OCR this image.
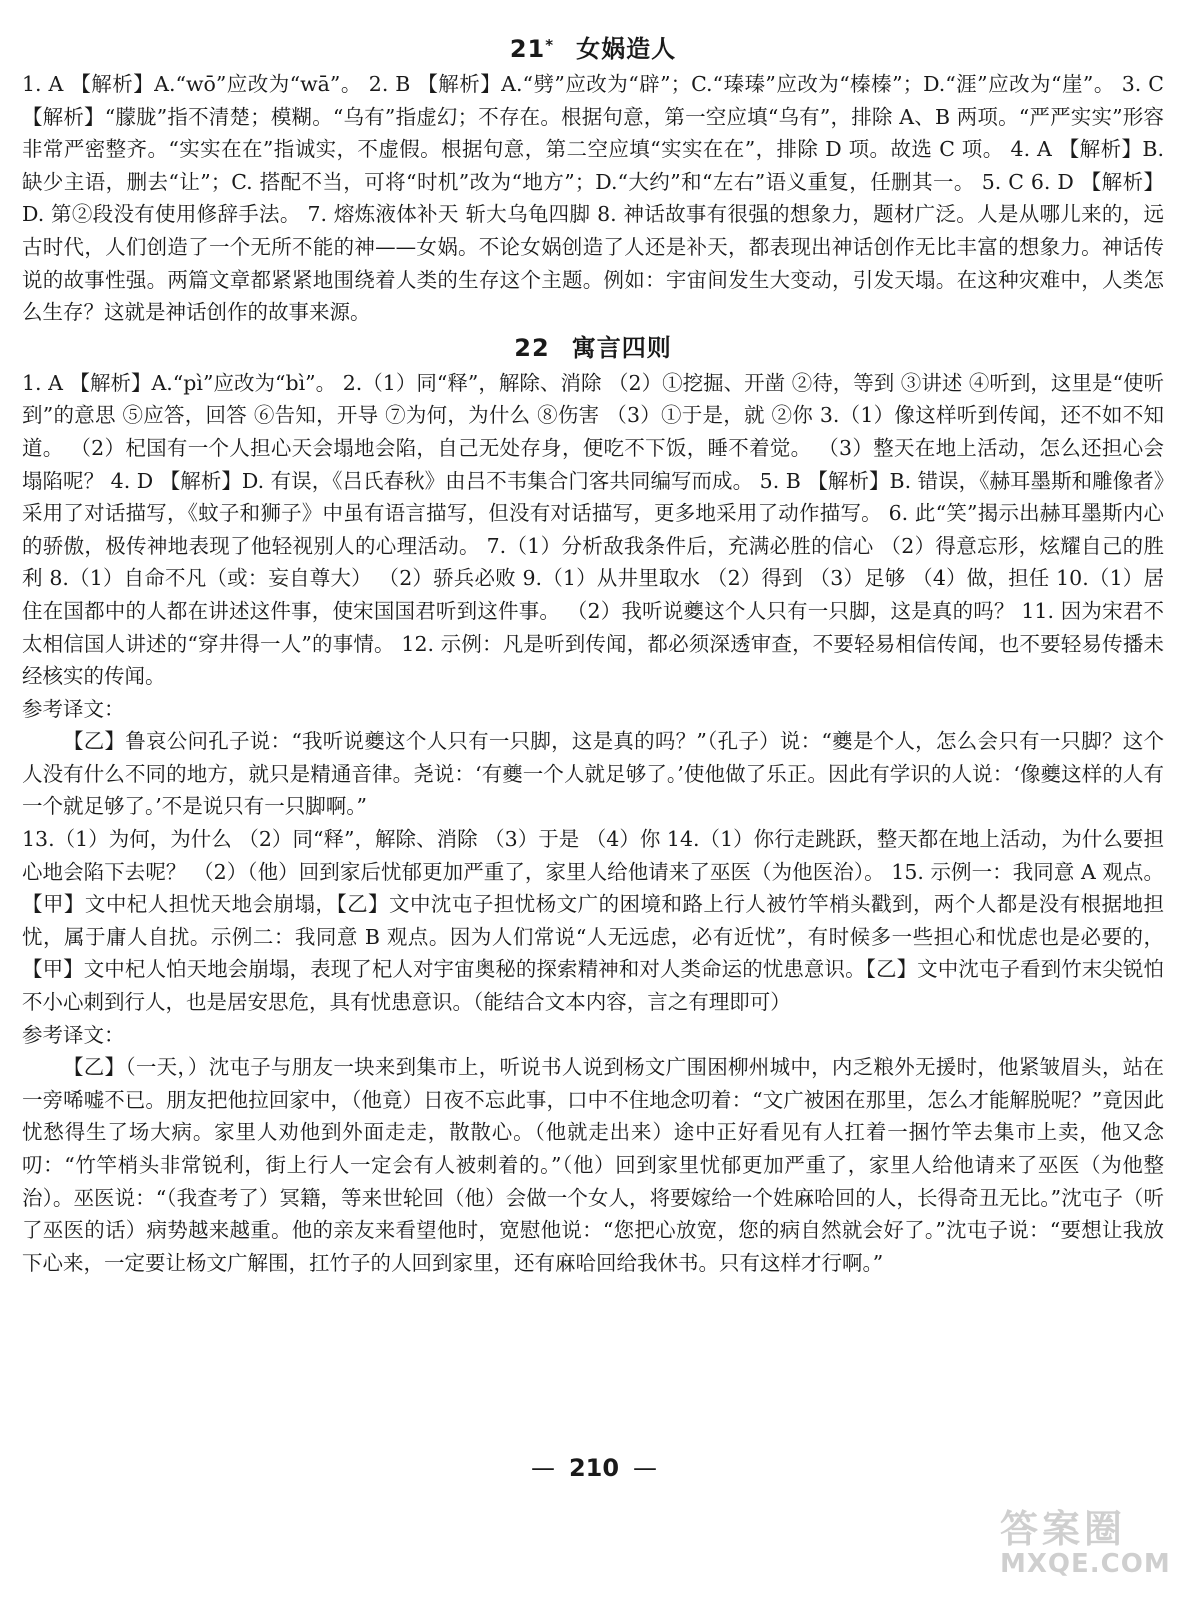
21* 女娲造人

1. A 【解析】A.“wō”应改为“wā”。 2. B 【解析】A.“劈”应改为“辟”；C.“瑧瑧”应改为“榛榛”；D.“涯”应改为“崖”。 3. C 【解析】“朦胧”指不清楚；模糊。“乌有”指虚幻；不存在。根据句意，第一空应填“乌有”，排除 A、B 两项。“严严实实”形容非常严密整齐。“实实在在”指诚实，不虚假。根据句意，第二空应填“实实在在”，排除 D 项。故选 C 项。 4. A 【解析】B. 缺少主语，删去“让”；C. 搭配不当，可将“时机”改为“地方”；D.“大约”和“左右”语义重复，任删其一。 5. C 6. D 【解析】D. 第②段没有使用修辞手法。 7. 熔炼液体补天 斩大乌龟四脚 8. 神话故事有很强的想象力，题材广泛。人是从哪儿来的，远古时代，人们创造了一个无所不能的神——女娲。不论女娲创造了人还是补天，都表现出神话创作无比丰富的想象力。神话传说的故事性强。两篇文章都紧紧地围绕着人类的生存这个主题。例如：宇宙间发生大变动，引发天塌。在这种灾难中，人类怎么生存？这就是神话创作的故事来源。

22 寓言四则

1. A 【解析】A.“pì”应改为“bì”。 2.（1）同“释”，解除、消除 （2）①挖掘、开凿 ②待，等到 ③讲述 ④听到，这里是“使听到”的意思 ⑤应答，回答 ⑥告知，开导 ⑦为何，为什么 ⑧伤害 （3）①于是，就 ②你 3.（1）像这样听到传闻，还不如不知道。 （2）杞国有一个人担心天会塌地会陷，自己无处存身，便吃不下饭，睡不着觉。 （3）整天在地上活动，怎么还担心会塌陷呢？ 4. D 【解析】D. 有误，《吕氏春秋》由吕不韦集合门客共同编写而成。 5. B 【解析】B. 错误，《赫耳墨斯和雕像者》采用了对话描写，《蚊子和狮子》中虽有语言描写，但没有对话描写，更多地采用了动作描写。 6. 此“笑”揭示出赫耳墨斯内心的骄傲，极传神地表现了他轻视别人的心理活动。 7.（1）分析敌我条件后，充满必胜的信心 （2）得意忘形，炫耀自己的胜利 8.（1）自命不凡（或：妄自尊大） （2）骄兵必败 9.（1）从井里取水 （2）得到 （3）足够 （4）做，担任 10.（1）居住在国都中的人都在讲述这件事，使宋国国君听到这件事。 （2）我听说夔这个人只有一只脚，这是真的吗？ 11. 因为宋君不太相信国人讲述的“穿井得一人”的事情。 12. 示例：凡是听到传闻，都必须深透审查，不要轻易相信传闻，也不要轻易传播未经核实的传闻。

参考译文：

【乙】鲁哀公问孔子说：“我听说夔这个人只有一只脚，这是真的吗？”（孔子）说：“夔是个人，怎么会只有一只脚？这个人没有什么不同的地方，就只是精通音律。尧说：‘有夔一个人就足够了。’使他做了乐正。因此有学识的人说：‘像夔这样的人有一个就足够了。’不是说只有一只脚啊。”

13.（1）为何，为什么 （2）同“释”，解除、消除 （3）于是 （4）你 14.（1）你行走跳跃，整天都在地上活动，为什么要担心地会陷下去呢？ （2）（他）回到家后忧郁更加严重了，家里人给他请来了巫医（为他医治）。 15. 示例一：我同意 A 观点。【甲】文中杞人担忧天地会崩塌，【乙】文中沈屯子担忧杨文广的困境和路上行人被竹竿梢头戳到，两个人都是没有根据地担忧，属于庸人自扰。示例二：我同意 B 观点。因为人们常说“人无远虑，必有近忧”，有时候多一些担心和忧虑也是必要的，【甲】文中杞人怕天地会崩塌，表现了杞人对宇宙奥秘的探索精神和对人类命运的忧患意识。【乙】文中沈屯子看到竹末尖锐怕不小心刺到行人，也是居安思危，具有忧患意识。（能结合文本内容，言之有理即可）

参考译文：

【乙】（一天，）沈屯子与朋友一块来到集市上，听说书人说到杨文广围困柳州城中，内乏粮外无援时，他紧皱眉头，站在一旁唏嘘不已。朋友把他拉回家中，（他竟）日夜不忘此事，口中不住地念叨着：“文广被困在那里，怎么才能解脱呢？”竟因此忧愁得生了场大病。家里人劝他到外面走走，散散心。（他就走出来）途中正好看见有人扛着一捆竹竿去集市上卖，他又念叨：“竹竿梢头非常锐利，街上行人一定会有人被刺着的。”（他）回到家里忧郁更加严重了，家里人给他请来了巫医（为他整治）。巫医说：“（我查考了）冥籍，等来世轮回（他）会做一个女人，将要嫁给一个姓麻哈回的人，长得奇丑无比。”沈屯子（听了巫医的话）病势越来越重。他的亲友来看望他时，宽慰他说：“您把心放宽，您的病自然就会好了。”沈屯子说：“要想让我放下心来，一定要让杨文广解围，扛竹子的人回到家里，还有麻哈回给我休书。只有这样才行啊。”

— 210 —
答案圈
MXQE.COM
